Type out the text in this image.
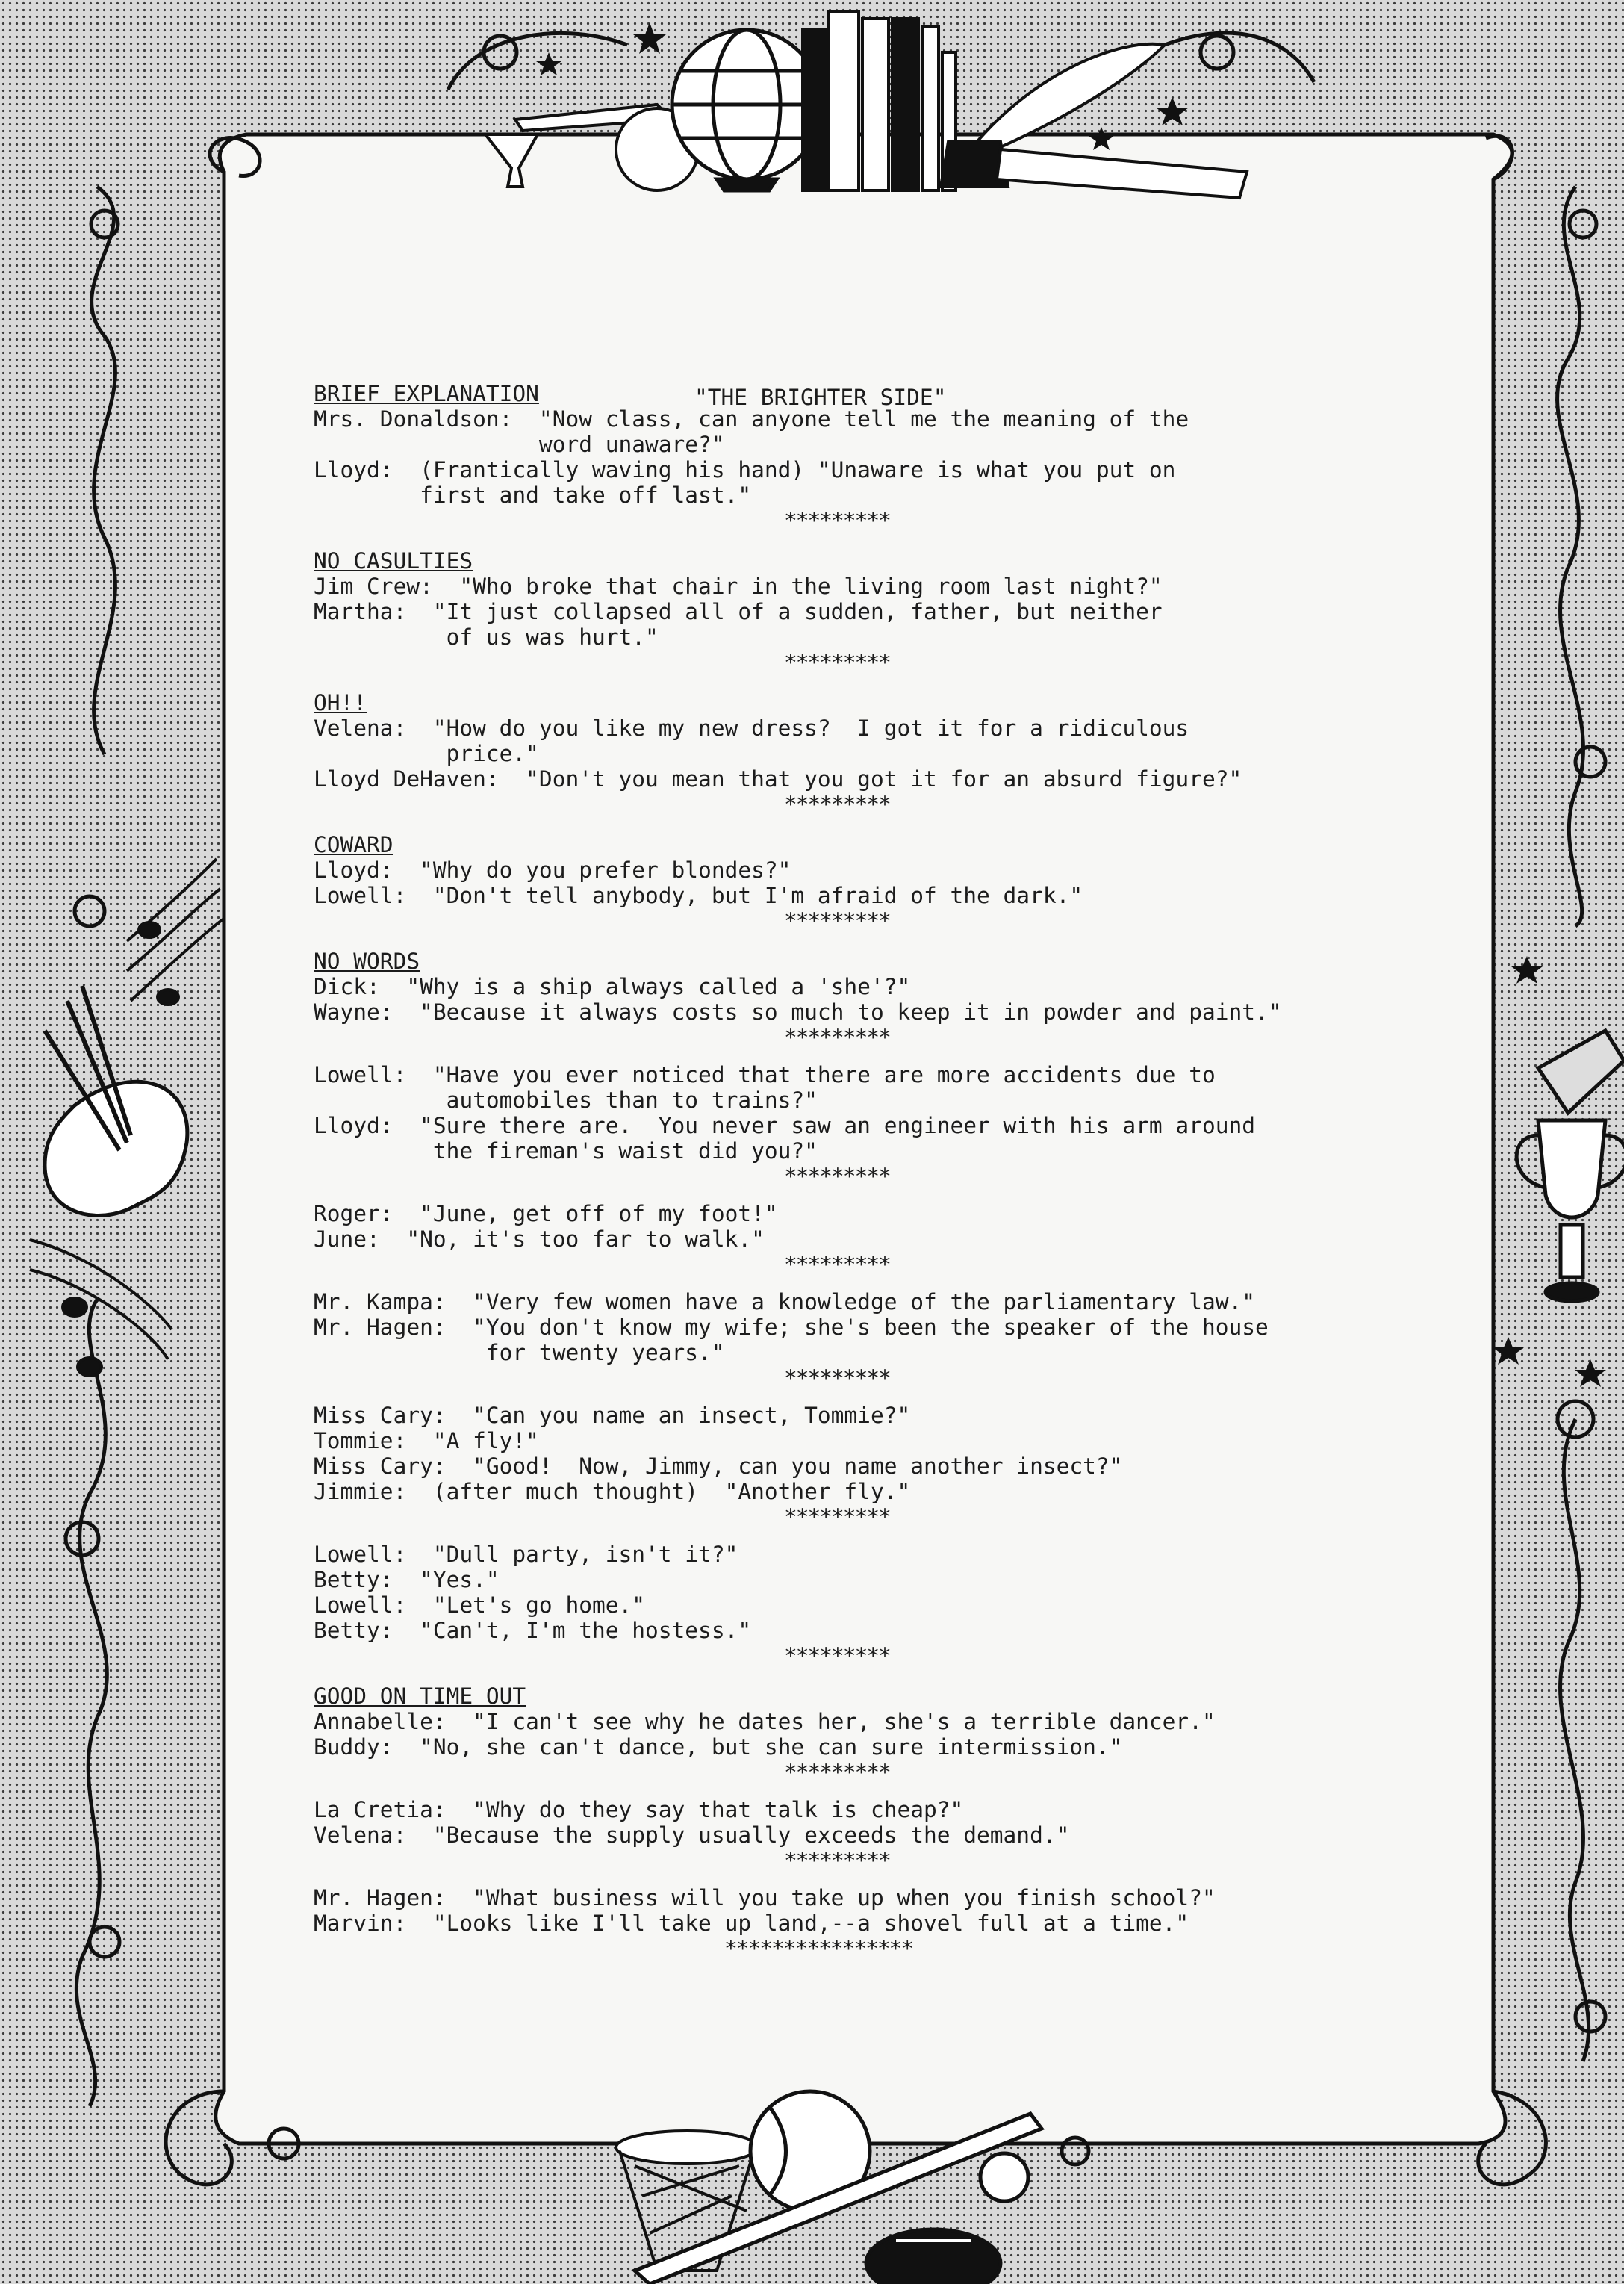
"THE BRIGHTER SIDE"
BRIEF EXPLANATION
Mrs. Donaldson:  "Now class, can anyone tell me the meaning of the
word unaware?"
Lloyd:  (Frantically waving his hand) "Unaware is what you put on
first and take off last."
*********
NO CASULTIES
Jim Crew:  "Who broke that chair in the living room last night?"
Martha:  "It just collapsed all of a sudden, father, but neither
of us was hurt."
*********
OH!!
Velena:  "How do you like my new dress?  I got it for a ridiculous
price."
Lloyd DeHaven:  "Don't you mean that you got it for an absurd figure?"
*********
COWARD
Lloyd:  "Why do you prefer blondes?"
Lowell:  "Don't tell anybody, but I'm afraid of the dark."
*********
NO WORDS
Dick:  "Why is a ship always called a 'she'?"
Wayne:  "Because it always costs so much to keep it in powder and paint."
*********
Lowell:  "Have you ever noticed that there are more accidents due to
automobiles than to trains?"
Lloyd:  "Sure there are.  You never saw an engineer with his arm around
the fireman's waist did you?"
*********
Roger:  "June, get off of my foot!"
June:  "No, it's too far to walk."
*********
Mr. Kampa:  "Very few women have a knowledge of the parliamentary law."
Mr. Hagen:  "You don't know my wife; she's been the speaker of the house
for twenty years."
*********
Miss Cary:  "Can you name an insect, Tommie?"
Tommie:  "A fly!"
Miss Cary:  "Good!  Now, Jimmy, can you name another insect?"
Jimmie:  (after much thought)  "Another fly."
*********
Lowell:  "Dull party, isn't it?"
Betty:  "Yes."
Lowell:  "Let's go home."
Betty:  "Can't, I'm the hostess."
*********
GOOD ON TIME OUT
Annabelle:  "I can't see why he dates her, she's a terrible dancer."
Buddy:  "No, she can't dance, but she can sure intermission."
*********
La Cretia:  "Why do they say that talk is cheap?"
Velena:  "Because the supply usually exceeds the demand."
*********
Mr. Hagen:  "What business will you take up when you finish school?"
Marvin:  "Looks like I'll take up land,--a shovel full at a time."
****************
